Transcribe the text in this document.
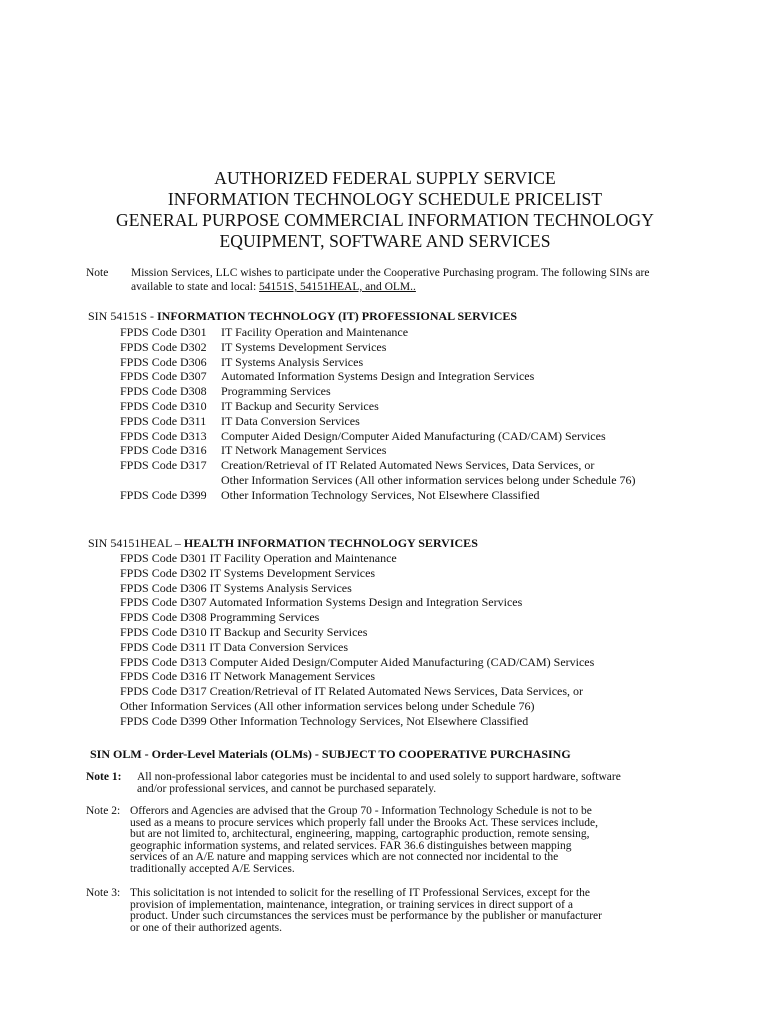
AUTHORIZED FEDERAL SUPPLY SERVICE
INFORMATION TECHNOLOGY SCHEDULE PRICELIST
GENERAL PURPOSE COMMERCIAL INFORMATION TECHNOLOGY
EQUIPMENT, SOFTWARE AND SERVICES
Note Mission Services, LLC wishes to participate under the Cooperative Purchasing program. The following SINs are
available to state and local: 54151S, 54151HEAL, and OLM..
SIN 54151S - INFORMATION TECHNOLOGY (IT) PROFESSIONAL SERVICES
FPDS Code D301 IT Facility Operation and Maintenance
FPDS Code D302 IT Systems Development Services
FPDS Code D306 IT Systems Analysis Services
FPDS Code D307 Automated Information Systems Design and Integration Services
FPDS Code D308 Programming Services
FPDS Code D310 IT Backup and Security Services
FPDS Code D311 IT Data Conversion Services
FPDS Code D313 Computer Aided Design/Computer Aided Manufacturing (CAD/CAM) Services
FPDS Code D316 IT Network Management Services
FPDS Code D317 Creation/Retrieval of IT Related Automated News Services, Data Services, or
Other Information Services (All other information services belong under Schedule 76)
FPDS Code D399 Other Information Technology Services, Not Elsewhere Classified
SIN 54151HEAL – HEALTH INFORMATION TECHNOLOGY SERVICES
FPDS Code D301 IT Facility Operation and Maintenance
FPDS Code D302 IT Systems Development Services
FPDS Code D306 IT Systems Analysis Services
FPDS Code D307 Automated Information Systems Design and Integration Services
FPDS Code D308 Programming Services
FPDS Code D310 IT Backup and Security Services
FPDS Code D311 IT Data Conversion Services
FPDS Code D313 Computer Aided Design/Computer Aided Manufacturing (CAD/CAM) Services
FPDS Code D316 IT Network Management Services
FPDS Code D317 Creation/Retrieval of IT Related Automated News Services, Data Services, or
Other Information Services (All other information services belong under Schedule 76)
FPDS Code D399 Other Information Technology Services, Not Elsewhere Classified
SIN OLM - Order-Level Materials (OLMs) - SUBJECT TO COOPERATIVE PURCHASING
Note 1: All non-professional labor categories must be incidental to and used solely to support hardware, software
and/or professional services, and cannot be purchased separately.
Note 2: Offerors and Agencies are advised that the Group 70 - Information Technology Schedule is not to be
used as a means to procure services which properly fall under the Brooks Act. These services include,
but are not limited to, architectural, engineering, mapping, cartographic production, remote sensing,
geographic information systems, and related services. FAR 36.6 distinguishes between mapping
services of an A/E nature and mapping services which are not connected nor incidental to the
traditionally accepted A/E Services.
Note 3: This solicitation is not intended to solicit for the reselling of IT Professional Services, except for the
provision of implementation, maintenance, integration, or training services in direct support of a
product. Under such circumstances the services must be performance by the publisher or manufacturer
or one of their authorized agents.
